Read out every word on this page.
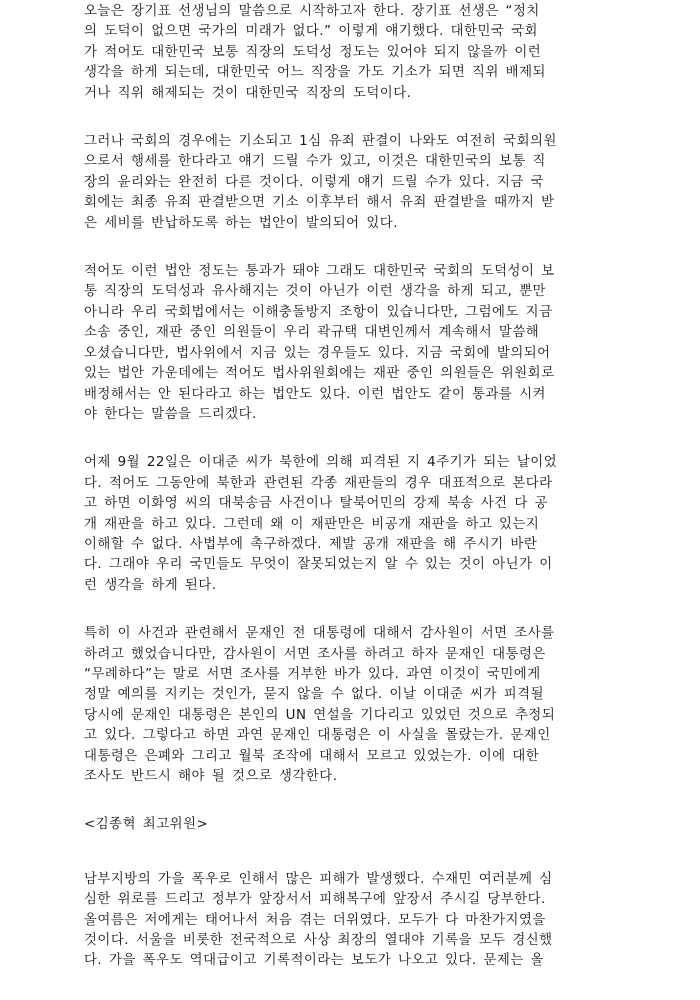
오늘은 장기표 선생님의 말씀으로 시작하고자 한다. 장기표 선생은 “정치
의 도덕이 없으면 국가의 미래가 없다.” 이렇게 얘기했다. 대한민국 국회
가 적어도 대한민국 보통 직장의 도덕성 정도는 있어야 되지 않을까 이런
생각을 하게 되는데, 대한민국 어느 직장을 가도 기소가 되면 직위 배제되
거나 직위 해제되는 것이 대한민국 직장의 도덕이다.
그러나 국회의 경우에는 기소되고 1심 유죄 판결이 나와도 여전히 국회의원
으로서 행세를 한다라고 얘기 드릴 수가 있고, 이것은 대한민국의 보통 직
장의 윤리와는 완전히 다른 것이다. 이렇게 얘기 드릴 수가 있다. 지금 국
회에는 최종 유죄 판결받으면 기소 이후부터 해서 유죄 판결받을 때까지 받
은 세비를 반납하도록 하는 법안이 발의되어 있다.
적어도 이런 법안 정도는 통과가 돼야 그래도 대한민국 국회의 도덕성이 보
통 직장의 도덕성과 유사해지는 것이 아닌가 이런 생각을 하게 되고, 뿐만
아니라 우리 국회법에서는 이해충돌방지 조항이 있습니다만, 그럼에도 지금
소송 중인, 재판 중인 의원들이 우리 곽규택 대변인께서 계속해서 말씀해
오셨습니다만, 법사위에서 지금 있는 경우들도 있다. 지금 국회에 발의되어
있는 법안 가운데에는 적어도 법사위원회에는 재판 중인 의원들은 위원회로
배정해서는 안 된다라고 하는 법안도 있다. 이런 법안도 같이 통과를 시켜
야 한다는 말씀을 드리겠다.
어제 9월 22일은 이대준 씨가 북한에 의해 피격된 지 4주기가 되는 날이었
다. 적어도 그동안에 북한과 관련된 각종 재판들의 경우 대표적으로 본다라
고 하면 이화영 씨의 대북송금 사건이나 탈북어민의 강제 북송 사건 다 공
개 재판을 하고 있다. 그런데 왜 이 재판만은 비공개 재판을 하고 있는지
이해할 수 없다. 사법부에 촉구하겠다. 제발 공개 재판을 해 주시기 바란
다. 그래야 우리 국민들도 무엇이 잘못되었는지 알 수 있는 것이 아닌가 이
런 생각을 하게 된다.
특히 이 사건과 관련해서 문재인 전 대통령에 대해서 감사원이 서면 조사를
하려고 했었습니다만, 감사원이 서면 조사를 하려고 하자 문재인 대통령은
“무례하다”는 말로 서면 조사를 거부한 바가 있다. 과연 이것이 국민에게
정말 예의를 지키는 것인가, 묻지 않을 수 없다. 이날 이대준 씨가 피격될
당시에 문재인 대통령은 본인의 UN 연설을 기다리고 있었던 것으로 추정되
고 있다. 그렇다고 하면 과연 문재인 대통령은 이 사실을 몰랐는가. 문재인
대통령은 은폐와 그리고 월북 조작에 대해서 모르고 있었는가. 이에 대한
조사도 반드시 해야 될 것으로 생각한다.
<김종혁 최고위원>
남부지방의 가을 폭우로 인해서 많은 피해가 발생했다. 수재민 여러분께 심
심한 위로를 드리고 정부가 앞장서서 피해복구에 앞장서 주시길 당부한다.
올여름은 저에게는 태어나서 처음 겪는 더위였다. 모두가 다 마찬가지였을
것이다. 서울을 비롯한 전국적으로 사상 최장의 열대야 기록을 모두 경신했
다. 가을 폭우도 역대급이고 기록적이라는 보도가 나오고 있다. 문제는 올
